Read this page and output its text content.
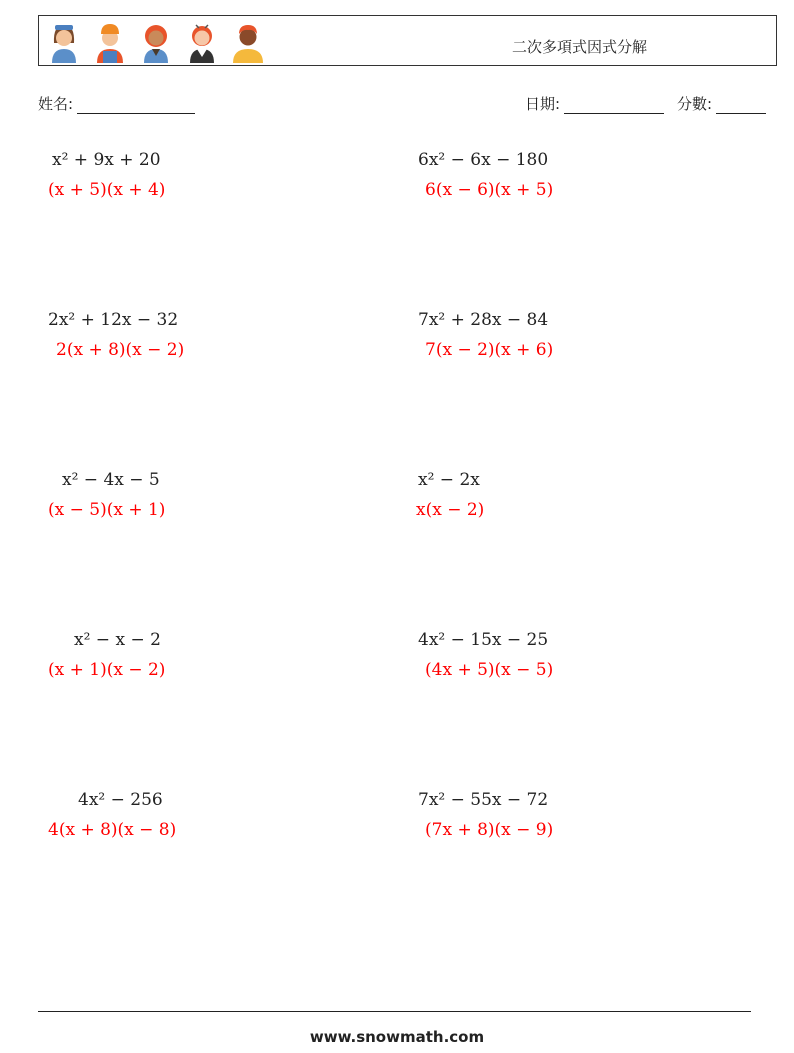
二次多項式因式分解
姓名:	日期:	分數:
x² + 9x + 20
(x + 5)(x + 4)
6x² − 6x − 180
6(x − 6)(x + 5)
2x² + 12x − 32
2(x + 8)(x − 2)
7x² + 28x − 84
7(x − 2)(x + 6)
x² − 4x − 5
(x − 5)(x + 1)
x² − 2x
x(x − 2)
x² − x − 2
(x + 1)(x − 2)
4x² − 15x − 25
(4x + 5)(x − 5)
4x² − 256
4(x + 8)(x − 8)
7x² − 55x − 72
(7x + 8)(x − 9)
www.snowmath.com
